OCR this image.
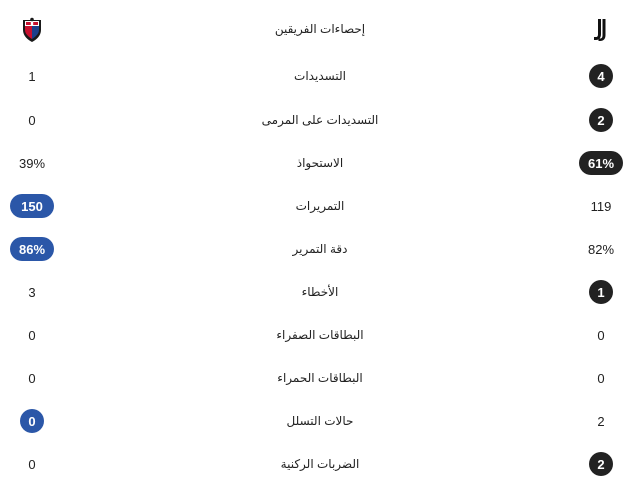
إحصاءات الفريقين
1	التسديدات	4
0	التسديدات على المرمى	2
39%	الاستحواذ	61%
150	التمريرات	119
86%	دقة التمرير	82%
3	الأخطاء	1
0	البطاقات الصفراء	0
0	البطاقات الحمراء	0
0	حالات التسلل	2
0	الضربات الركنية	2
